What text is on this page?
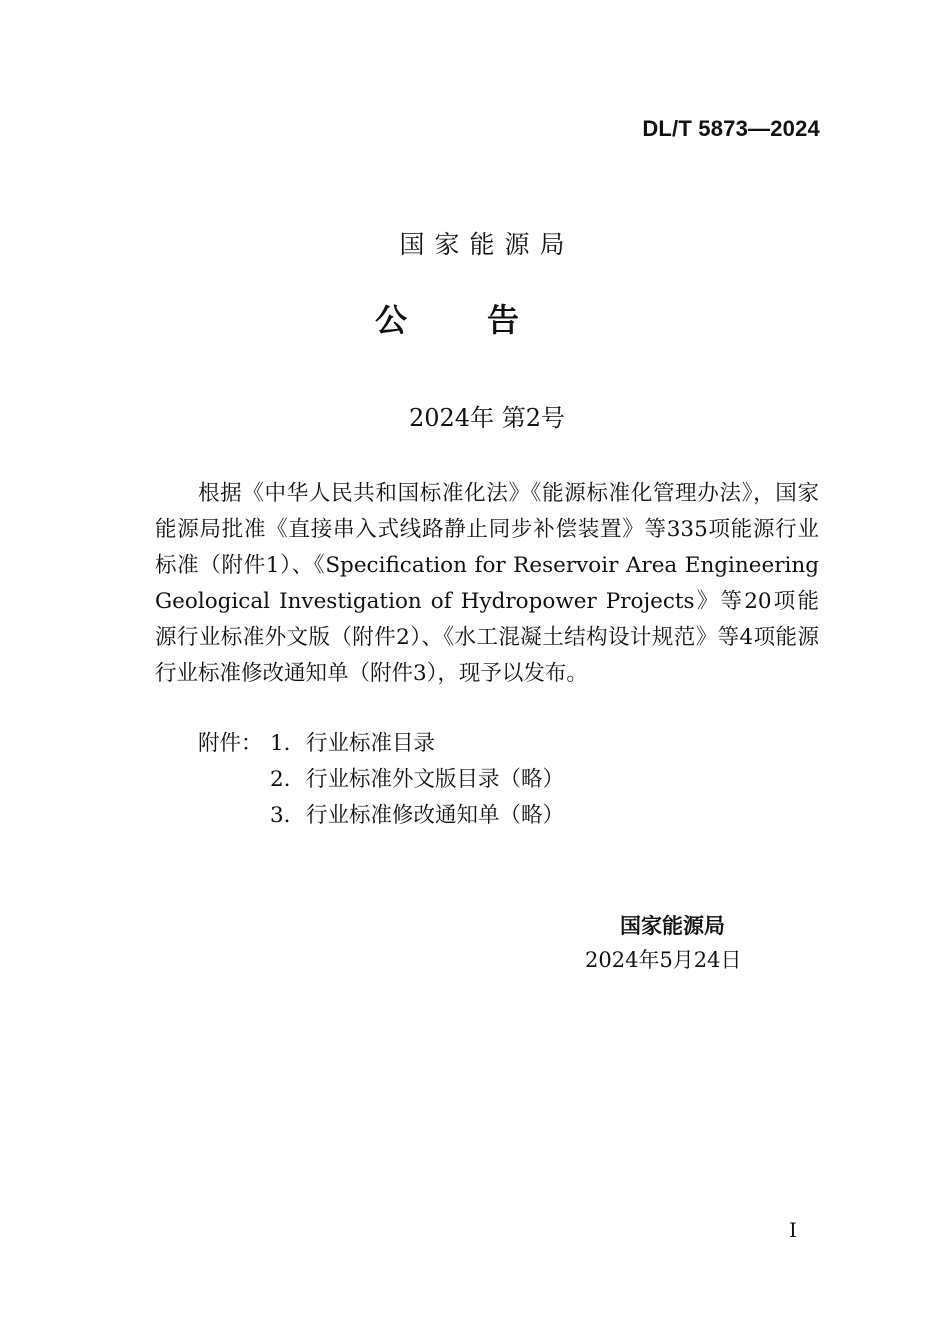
DL/T 5873—2024
国家能源局
公告
2024年 第2号

根据《中华人民共和国标准化法》《能源标准化管理办法》，国家能源局批准《直接串入式线路静止同步补偿装置》等335项能源行业标准（附件1）、《Specification for Reservoir Area Engineering Geological Investigation of Hydropower Projects》等20项能源行业标准外文版（附件2）、《水工混凝土结构设计规范》等4项能源行业标准修改通知单（附件3），现予以发布。

附件： 1. 行业标准目录
2. 行业标准外文版目录（略）
3. 行业标准修改通知单（略）
国家能源局
2024年5月24日
I
